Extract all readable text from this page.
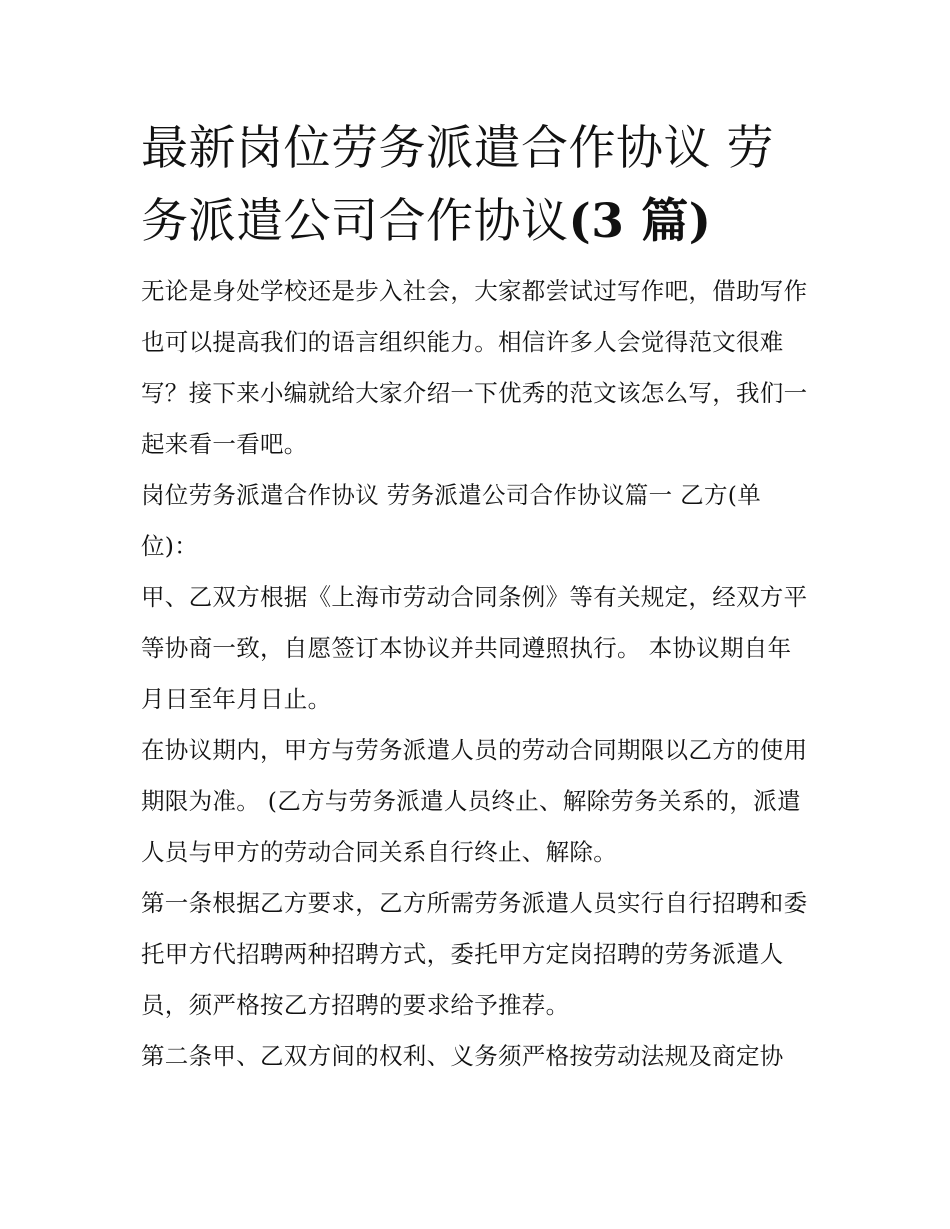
最新岗位劳务派遣合作协议 劳务派遣公司合作协议(3 篇)

无论是身处学校还是步入社会，大家都尝试过写作吧，借助写作也可以提高我们的语言组织能力。相信许多人会觉得范文很难写？接下来小编就给大家介绍一下优秀的范文该怎么写，我们一起来看一看吧。

岗位劳务派遣合作协议 劳务派遣公司合作协议篇一 乙方(单位)：

甲、乙双方根据《上海市劳动合同条例》等有关规定，经双方平等协商一致，自愿签订本协议并共同遵照执行。 本协议期自年月日至年月日止。

在协议期内，甲方与劳务派遣人员的劳动合同期限以乙方的使用期限为准。 (乙方与劳务派遣人员终止、解除劳务关系的，派遣人员与甲方的劳动合同关系自行终止、解除。

第一条根据乙方要求，乙方所需劳务派遣人员实行自行招聘和委托甲方代招聘两种招聘方式，委托甲方定岗招聘的劳务派遣人员，须严格按乙方招聘的要求给予推荐。

第二条甲、乙双方间的权利、义务须严格按劳动法规及商定协
